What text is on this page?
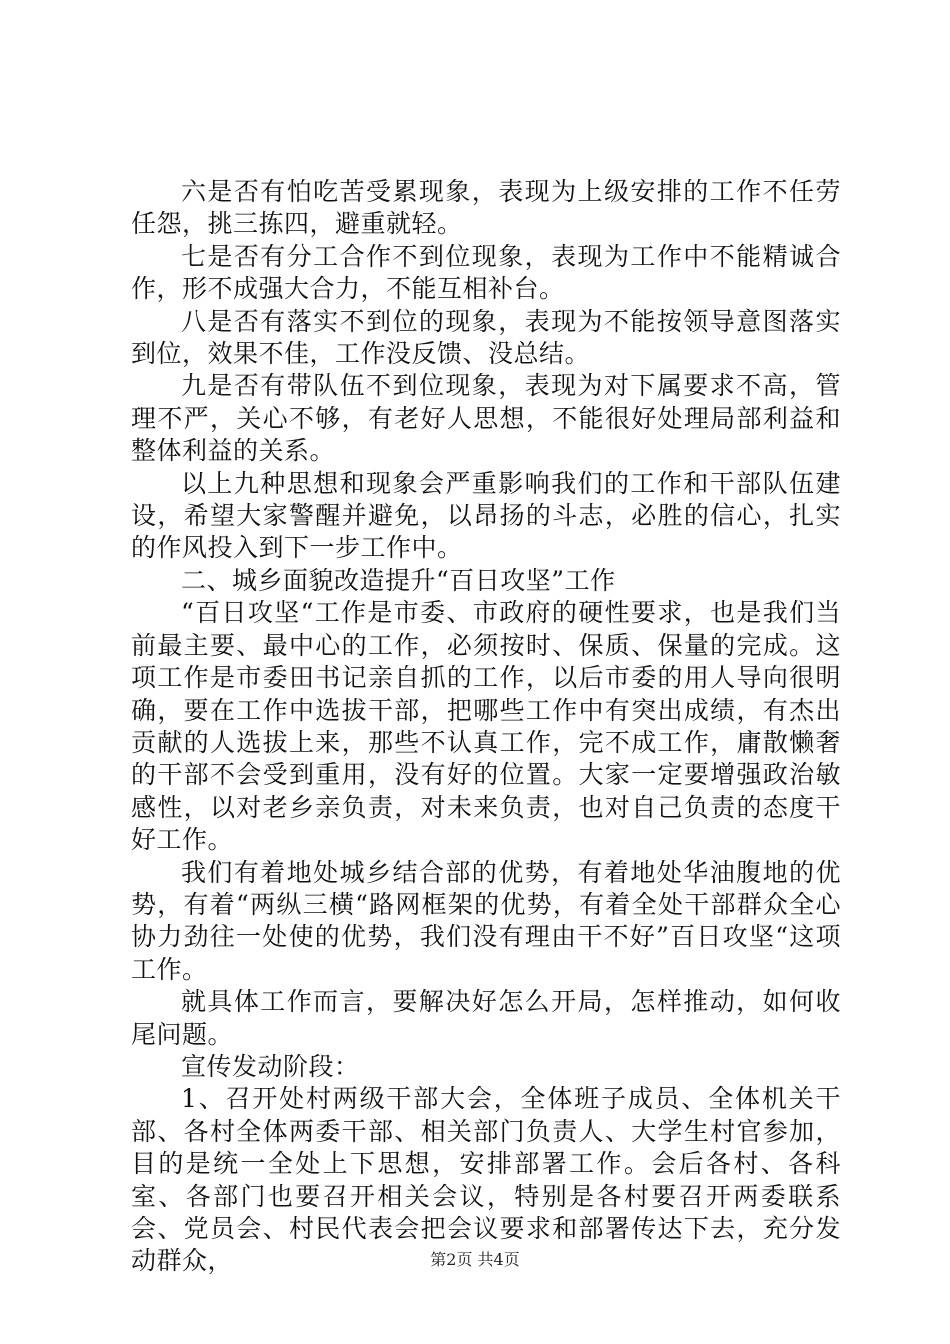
六是否有怕吃苦受累现象，表现为上级安排的工作不任劳任怨，挑三拣四，避重就轻。

七是否有分工合作不到位现象，表现为工作中不能精诚合作，形不成强大合力，不能互相补台。

八是否有落实不到位的现象，表现为不能按领导意图落实到位，效果不佳，工作没反馈、没总结。

九是否有带队伍不到位现象，表现为对下属要求不高，管理不严，关心不够，有老好人思想，不能很好处理局部利益和整体利益的关系。

以上九种思想和现象会严重影响我们的工作和干部队伍建设，希望大家警醒并避免，以昂扬的斗志，必胜的信心，扎实的作风投入到下一步工作中。

二、城乡面貌改造提升“百日攻坚”工作

“百日攻坚“工作是市委、市政府的硬性要求，也是我们当前最主要、最中心的工作，必须按时、保质、保量的完成。这项工作是市委田书记亲自抓的工作，以后市委的用人导向很明确，要在工作中选拔干部，把哪些工作中有突出成绩，有杰出贡献的人选拔上来，那些不认真工作，完不成工作，庸散懒奢的干部不会受到重用，没有好的位置。大家一定要增强政治敏感性，以对老乡亲负责，对未来负责，也对自己负责的态度干好工作。

我们有着地处城乡结合部的优势，有着地处华油腹地的优势，有着“两纵三横“路网框架的优势，有着全处干部群众全心协力劲往一处使的优势，我们没有理由干不好”百日攻坚“这项工作。

就具体工作而言，要解决好怎么开局，怎样推动，如何收尾问题。

宣传发动阶段：

1、召开处村两级干部大会，全体班子成员、全体机关干部、各村全体两委干部、相关部门负责人、大学生村官参加，目的是统一全处上下思想，安排部署工作。会后各村、各科室、各部门也要召开相关会议，特别是各村要召开两委联系会、党员会、村民代表会把会议要求和部署传达下去，充分发动群众，	第2页 共4页
